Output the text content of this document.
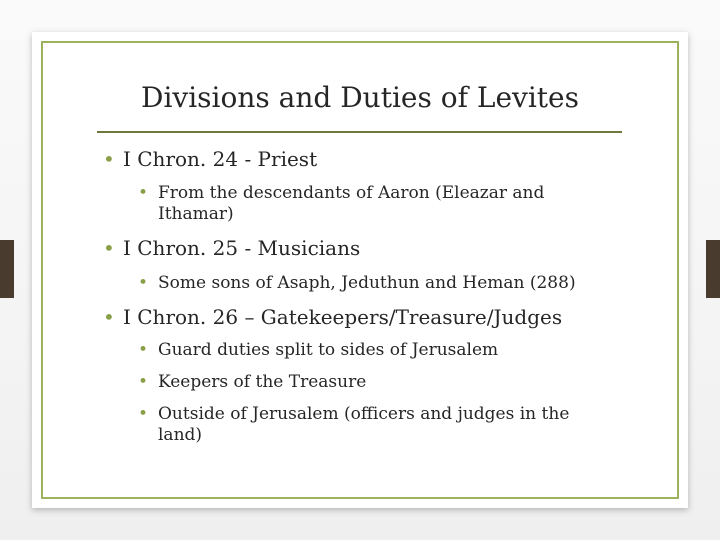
Divisions and Duties of Levites
• I Chron. 24 - Priest
• From the descendants of Aaron (Eleazar and Ithamar)
• I Chron. 25 - Musicians
• Some sons of Asaph, Jeduthun and Heman (288)
• I Chron. 26 – Gatekeepers/Treasure/Judges
• Guard duties split to sides of Jerusalem
• Keepers of the Treasure
• Outside of Jerusalem (officers and judges in the land)
